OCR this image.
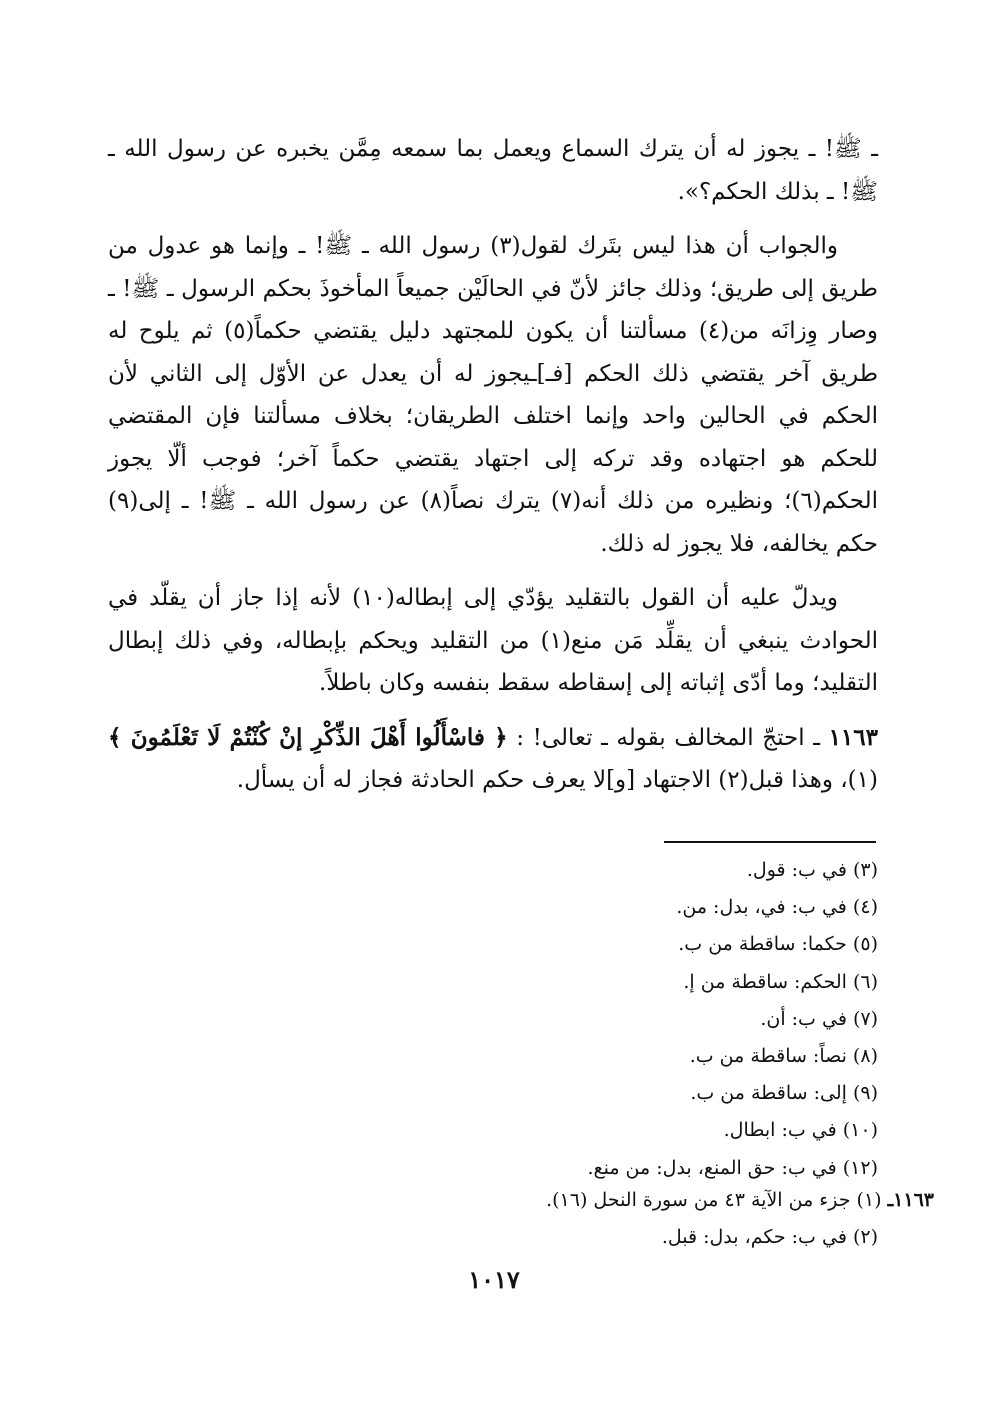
ـ ﷺ! ـ يجوز له أن يترك السماع ويعمل بما سمعه مِمَّن يخبره عن رسول الله ـ ﷺ! ـ بذلك الحكم؟».

والجواب أن هذا ليس بتَرك لقول(٣) رسول الله ـ ﷺ! ـ وإنما هو عدول من طريق إلى طريق؛ وذلك جائز لأنّ في الحالَيْن جميعاً المأخوذَ بحكم الرسول ـ ﷺ! ـ وصار وِزانَه من(٤) مسألتنا أن يكون للمجتهد دليل يقتضي حكماً(٥) ثم يلوح له طريق آخر يقتضي ذلك الحكم [فـ]ـيجوز له أن يعدل عن الأوّل إلى الثاني لأن الحكم في الحالين واحد وإنما اختلف الطريقان؛ بخلاف مسألتنا فإن المقتضي للحكم هو اجتهاده وقد تركه إلى اجتهاد يقتضي حكماً آخر؛ فوجب ألّا يجوز الحكم(٦)؛ ونظيره من ذلك أنه(٧) يترك نصاً(٨) عن رسول الله ـ ﷺ! ـ إلى(٩) حكم يخالفه، فلا يجوز له ذلك.

ويدلّ عليه أن القول بالتقليد يؤدّي إلى إبطاله(١٠) لأنه إذا جاز أن يقلّد في الحوادث ينبغي أن يقلِّد مَن منع(١) من التقليد ويحكم بإبطاله، وفي ذلك إبطال التقليد؛ وما أدّى إثباته إلى إسقاطه سقط بنفسه وكان باطلاً.

١١٦٣ ـ احتجّ المخالف بقوله ـ تعالى! : ﴿ فاسْأَلُوا أَهْلَ الذِّكْرِ إنْ كُنْتُمْ لَا تَعْلَمُونَ ﴾(١)، وهذا قبل(٢) الاجتهاد [و]لا يعرف حكم الحادثة فجاز له أن يسأل.

(٣) في ب: قول.
(٤) في ب: في، بدل: من.
(٥) حكما: ساقطة من ب.
(٦) الحكم: ساقطة من إ.
(٧) في ب: أن.
(٨) نصاً: ساقطة من ب.
(٩) إلى: ساقطة من ب.
(١٠) في ب: ابطال.
(١٢) في ب: حق المنع، بدل: من منع.
١١٦٣ـ (١) جزء من الآية ٤٣ من سورة النحل (١٦).
(٢) في ب: حكم، بدل: قبل.
١٠١٧
